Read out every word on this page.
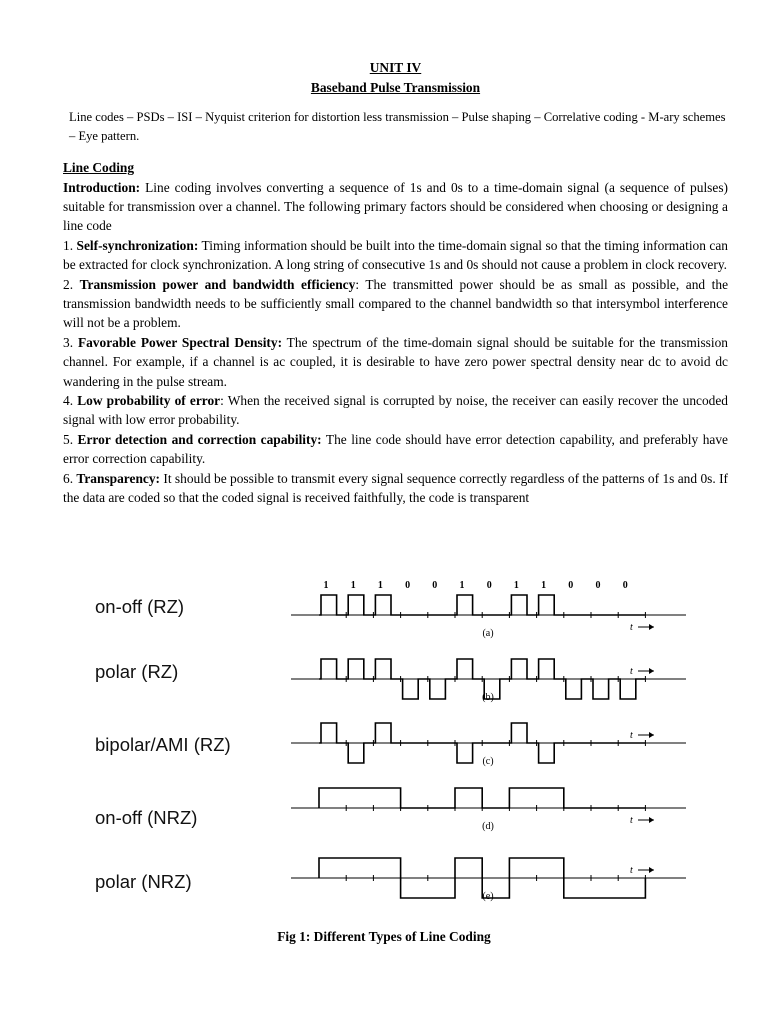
UNIT IV
Baseband Pulse Transmission
Line codes – PSDs – ISI – Nyquist criterion for distortion less transmission – Pulse shaping – Correlative coding - M-ary schemes – Eye pattern.
Line Coding

Introduction: Line coding involves converting a sequence of 1s and 0s to a time-domain signal (a sequence of pulses) suitable for transmission over a channel. The following primary factors should be considered when choosing or designing a line code

1. Self-synchronization: Timing information should be built into the time-domain signal so that the timing information can be extracted for clock synchronization. A long string of consecutive 1s and 0s should not cause a problem in clock recovery.

2. Transmission power and bandwidth efficiency: The transmitted power should be as small as possible, and the transmission bandwidth needs to be sufficiently small compared to the channel bandwidth so that intersymbol interference will not be a problem.

3. Favorable Power Spectral Density: The spectrum of the time-domain signal should be suitable for the transmission channel. For example, if a channel is ac coupled, it is desirable to have zero power spectral density near dc to avoid dc wandering in the pulse stream.

4. Low probability of error: When the received signal is corrupted by noise, the receiver can easily recover the uncoded signal with low error probability.

5. Error detection and correction capability: The line code should have error detection capability, and preferably have error correction capability.

6. Transparency: It should be possible to transmit every signal sequence correctly regardless of the patterns of 1s and 0s. If the data are coded so that the coded signal is received faithfully, the code is transparent

on-off (RZ)
polar (RZ)
bipolar/AMI (RZ)
on-off (NRZ)
polar (NRZ)
1 1 1 0 0 1 0 1 1 0 0 0
t
(a)
t
(b)
t
(c)
t
(d)
t
(e)
Fig 1: Different Types of Line Coding
